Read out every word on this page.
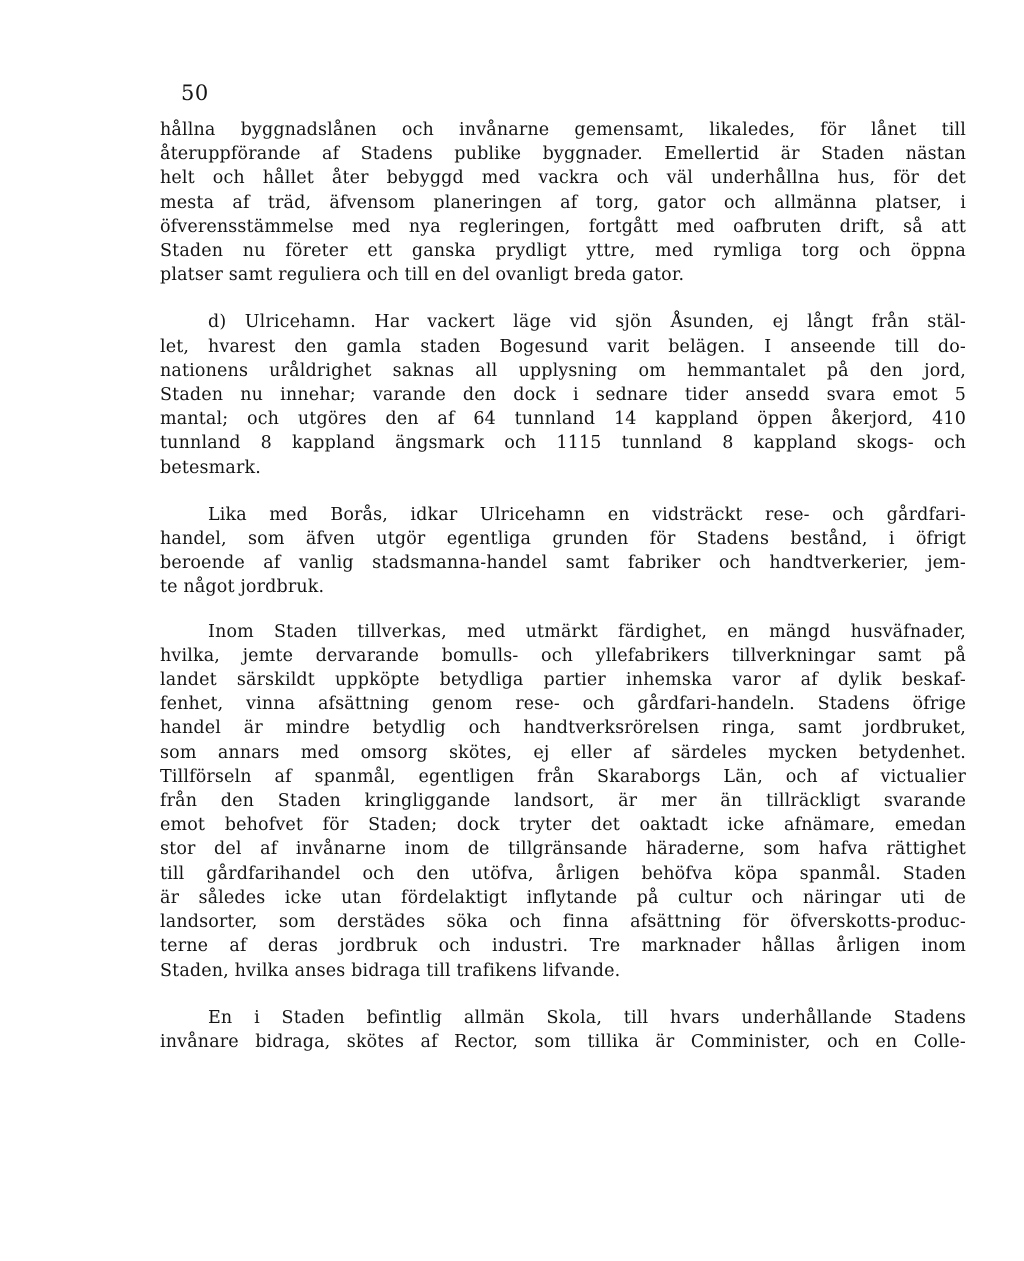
50
hållna byggnadslånen och invånarne gemensamt, likaledes, för lånet till
återuppförande af Stadens publike byggnader. Emellertid är Staden nästan
helt och hållet åter bebyggd med vackra och väl underhållna hus, för det
mesta af träd, äfvensom planeringen af torg, gator och allmänna platser, i
öfverensstämmelse med nya regleringen, fortgått med oafbruten drift, så att
Staden nu företer ett ganska prydligt yttre, med rymliga torg och öppna
platser samt reguliera och till en del ovanligt breda gator.
d) Ulricehamn. Har vackert läge vid sjön Åsunden, ej långt från stäl-
let, hvarest den gamla staden Bogesund varit belägen. I anseende till do-
nationens uråldrighet saknas all upplysning om hemmantalet på den jord,
Staden nu innehar; varande den dock i sednare tider ansedd svara emot 5
mantal; och utgöres den af 64 tunnland 14 kappland öppen åkerjord, 410
tunnland 8 kappland ängsmark och 1115 tunnland 8 kappland skogs- och
betesmark.
Lika med Borås, idkar Ulricehamn en vidsträckt rese- och gårdfari-
handel, som äfven utgör egentliga grunden för Stadens bestånd, i öfrigt
beroende af vanlig stadsmanna-handel samt fabriker och handtverkerier, jem-
te något jordbruk.
Inom Staden tillverkas, med utmärkt färdighet, en mängd husväfnader,
hvilka, jemte dervarande bomulls- och yllefabrikers tillverkningar samt på
landet särskildt uppköpte betydliga partier inhemska varor af dylik beskaf-
fenhet, vinna afsättning genom rese- och gårdfari-handeln. Stadens öfrige
handel är mindre betydlig och handtverksrörelsen ringa, samt jordbruket,
som annars med omsorg skötes, ej eller af särdeles mycken betydenhet.
Tillförseln af spanmål, egentligen från Skaraborgs Län, och af victualier
från den Staden kringliggande landsort, är mer än tillräckligt svarande
emot behofvet för Staden; dock tryter det oaktadt icke afnämare, emedan
stor del af invånarne inom de tillgränsande häraderne, som hafva rättighet
till gårdfarihandel och den utöfva, årligen behöfva köpa spanmål. Staden
är således icke utan fördelaktigt inflytande på cultur och näringar uti de
landsorter, som derstädes söka och finna afsättning för öfverskotts-produc-
terne af deras jordbruk och industri. Tre marknader hållas årligen inom
Staden, hvilka anses bidraga till trafikens lifvande.
En i Staden befintlig allmän Skola, till hvars underhållande Stadens
invånare bidraga, skötes af Rector, som tillika är Comminister, och en Colle-
